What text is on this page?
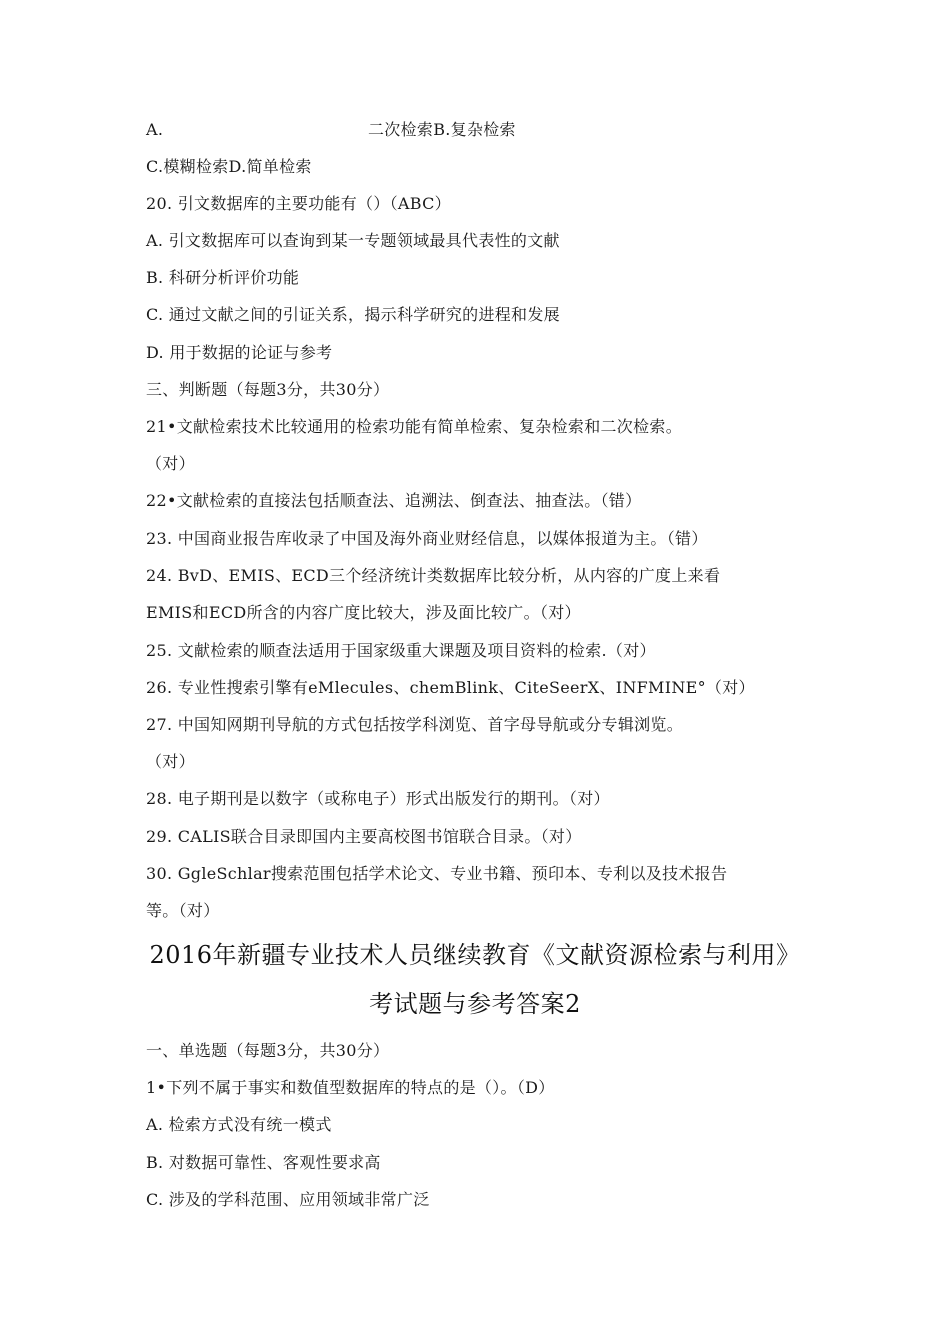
A.	二次检索B.复杂检索
C.模糊检索D.简单检索
20. 引文数据库的主要功能有（）（ABC）
A. 引文数据库可以查询到某一专题领域最具代表性的文献
B. 科研分析评价功能
C. 通过文献之间的引证关系，揭示科学研究的进程和发展
D. 用于数据的论证与参考
三、判断题（每题3分，共30分）
21•文献检索技术比较通用的检索功能有简单检索、复杂检索和二次检索。
（对）
22•文献检索的直接法包括顺查法、追溯法、倒查法、抽查法。（错）
23. 中国商业报告库收录了中国及海外商业财经信息，以媒体报道为主。（错）
24. BvD、EMIS、ECD三个经济统计类数据库比较分析，从内容的广度上来看
EMIS和ECD所含的内容广度比较大，涉及面比较广。（对）
25. 文献检索的顺查法适用于国家级重大课题及项目资料的检索.（对）
26. 专业性搜索引擎有eMlecules、chemBlink、CiteSeerX、INFMINE°（对）
27. 中国知网期刊导航的方式包括按学科浏览、首字母导航或分专辑浏览。
（对）
28. 电子期刊是以数字（或称电子）形式出版发行的期刊。（对）
29. CALIS联合目录即国内主要高校图书馆联合目录。（对）
30. GgleSchlar搜索范围包括学术论文、专业书籍、预印本、专利以及技术报告
等。（对）
2016年新疆专业技术人员继续教育《文献资源检索与利用》
考试题与参考答案2
一、单选题（每题3分，共30分）
1•下列不属于事实和数值型数据库的特点的是（）。（D）
A. 检索方式没有统一模式
B. 对数据可靠性、客观性要求高
C. 涉及的学科范围、应用领域非常广泛
